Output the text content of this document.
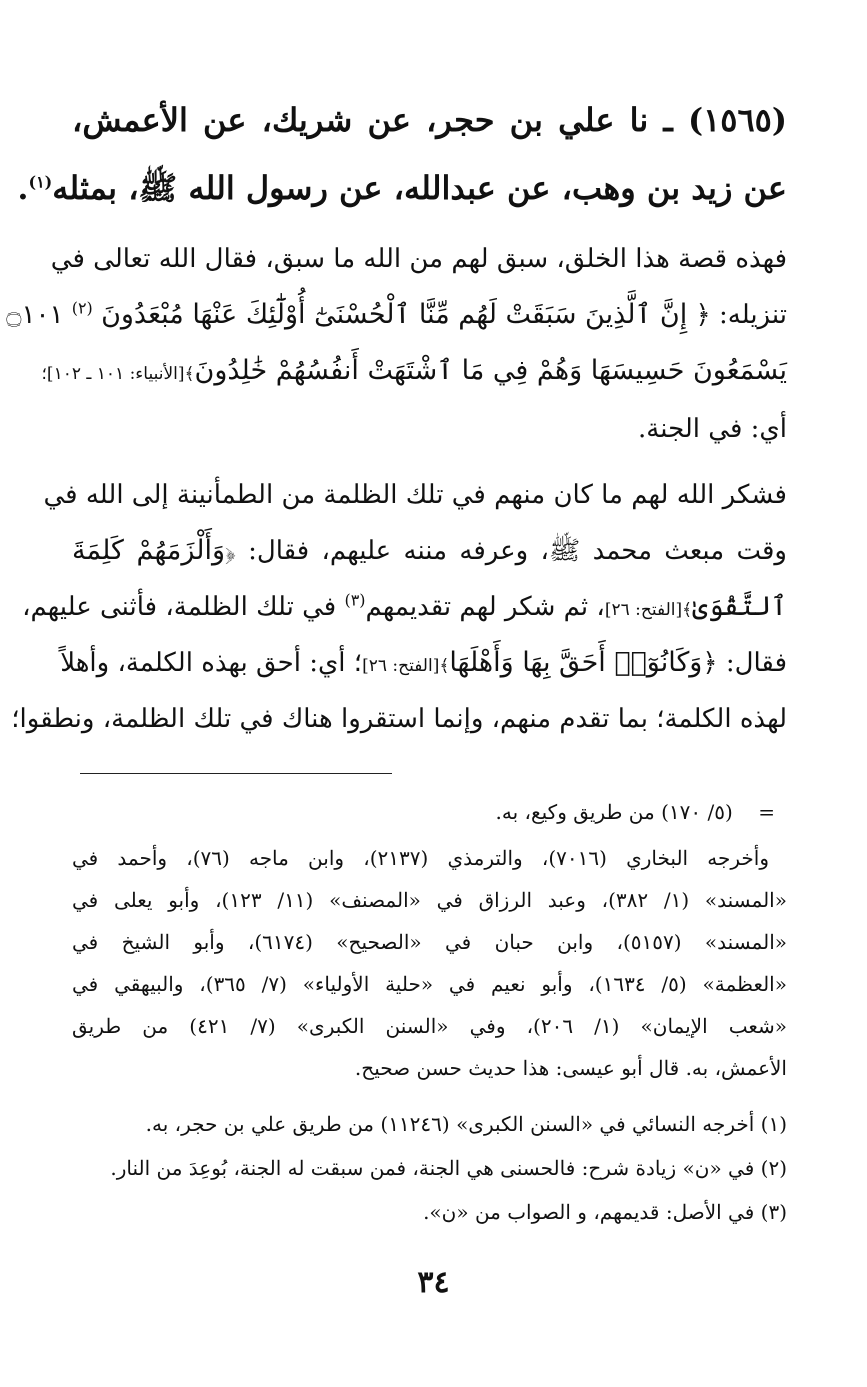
(١٥٦٥) ـ نا علي بن حجر، عن شريك، عن الأعمش،
عن زيد بن وهب، عن عبدالله، عن رسول الله ﷺ، بمثله$^{(١)}$.
فهذه قصة هذا الخلق، سبق لهم من الله ما سبق، فقال الله تعالى في
تنزيله: ﴿ إِنَّ ٱلَّذِينَ سَبَقَتْ لَهُم مِّنَّا ٱلْحُسْنَىٰٓ أُوْلَٰٓئِكَ عَنْهَا مُبْعَدُونَ $^{(٢)}$ ۝١٠١
يَسْمَعُونَ حَسِيسَهَا وَهُمْ فِي مَا ٱشْتَهَتْ أَنفُسُهُمْ خَٰلِدُونَ﴾[الأنبياء: ١٠١ ـ ١٠٢]؛
أي: في الجنة.
فشكر الله لهم ما كان منهم في تلك الظلمة من الطمأنينة إلى الله في
وقت مبعث محمد ﷺ، وعرفه مننه عليهم، فقال: ﴿وَأَلْزَمَهُمْ كَلِمَةَ
ٱلتَّقْوَىٰ﴾[الفتح: ٢٦]، ثم شكر لهم تقديمهم$^{(٣)}$ في تلك الظلمة، فأثنى عليهم،
فقال: ﴿وَكَانُوٓا۟ أَحَقَّ بِهَا وَأَهْلَهَا﴾[الفتح: ٢٦]؛ أي: أحق بهذه الكلمة، وأهلاً
لهذه الكلمة؛ بما تقدم منهم، وإنما استقروا هناك في تلك الظلمة، ونطقوا؛
=    (٥/ ١٧٠) من طريق وكيع، به.
وأخرجه البخاري (٧٠١٦)، والترمذي (٢١٣٧)، وابن ماجه (٧٦)، وأحمد في
«المسند» (١/ ٣٨٢)، وعبد الرزاق في «المصنف» (١١/ ١٢٣)، وأبو يعلى في
«المسند» (٥١٥٧)، وابن حبان في «الصحيح» (٦١٧٤)، وأبو الشيخ في
«العظمة» (٥/ ١٦٣٤)، وأبو نعيم في «حلية الأولياء» (٧/ ٣٦٥)، والبيهقي في
«شعب الإيمان» (١/ ٢٠٦)، وفي «السنن الكبرى» (٧/ ٤٢١) من طريق
الأعمش، به. قال أبو عيسى: هذا حديث حسن صحيح.
(١) أخرجه النسائي في «السنن الكبرى» (١١٢٤٦) من طريق علي بن حجر، به.
(٢) في «ن» زيادة شرح: فالحسنى هي الجنة، فمن سبقت له الجنة، بُوعِدَ من النار.
(٣) في الأصل: قديمهم، و الصواب من «ن».
٣٤
